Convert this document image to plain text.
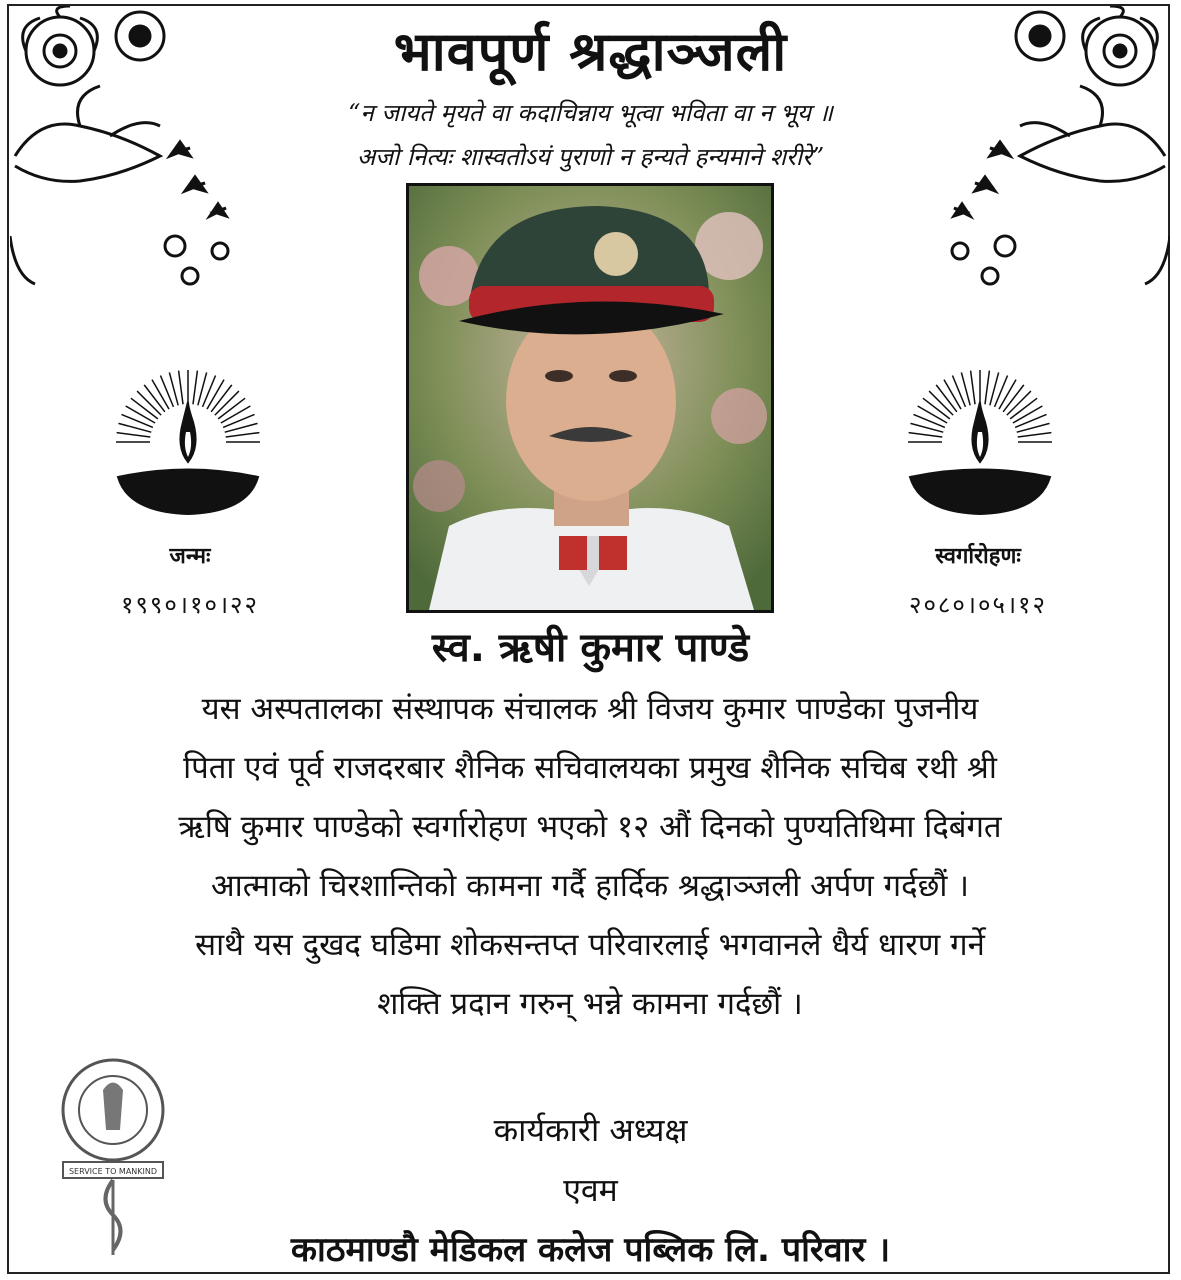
भावपूर्ण श्रद्धाञ्जली
“न जायते मृयते वा कदाचिन्नाय भूत्वा भविता वा न भूय ॥
अजो नित्यः शास्वतोऽयं पुराणो न हन्यते हन्यमाने शरीरे”
जन्मः
१९९०।१०।२२
स्वर्गारोहणः
२०८०।०५।१२
स्व. ऋषी कुमार पाण्डे
यस अस्पतालका संस्थापक संचालक श्री विजय कुमार पाण्डेका पुजनीय
पिता एवं पूर्व राजदरबार शैनिक सचिवालयका प्रमुख शैनिक सचिब रथी श्री
ऋषि कुमार पाण्डेको स्वर्गारोहण भएको १२ औं दिनको पुण्यतिथिमा दिबंगत
आत्माको चिरशान्तिको कामना गर्दै हार्दिक श्रद्धाञ्जली अर्पण गर्दछौं ।
साथै यस दुखद घडिमा शोकसन्तप्त परिवारलाई भगवानले धैर्य धारण गर्ने
शक्ति प्रदान गरुन् भन्ने कामना गर्दछौं ।
SERVICE TO MANKIND
कार्यकारी अध्यक्ष
एवम
काठमाण्डौ मेडिकल कलेज पब्लिक लि. परिवार ।
